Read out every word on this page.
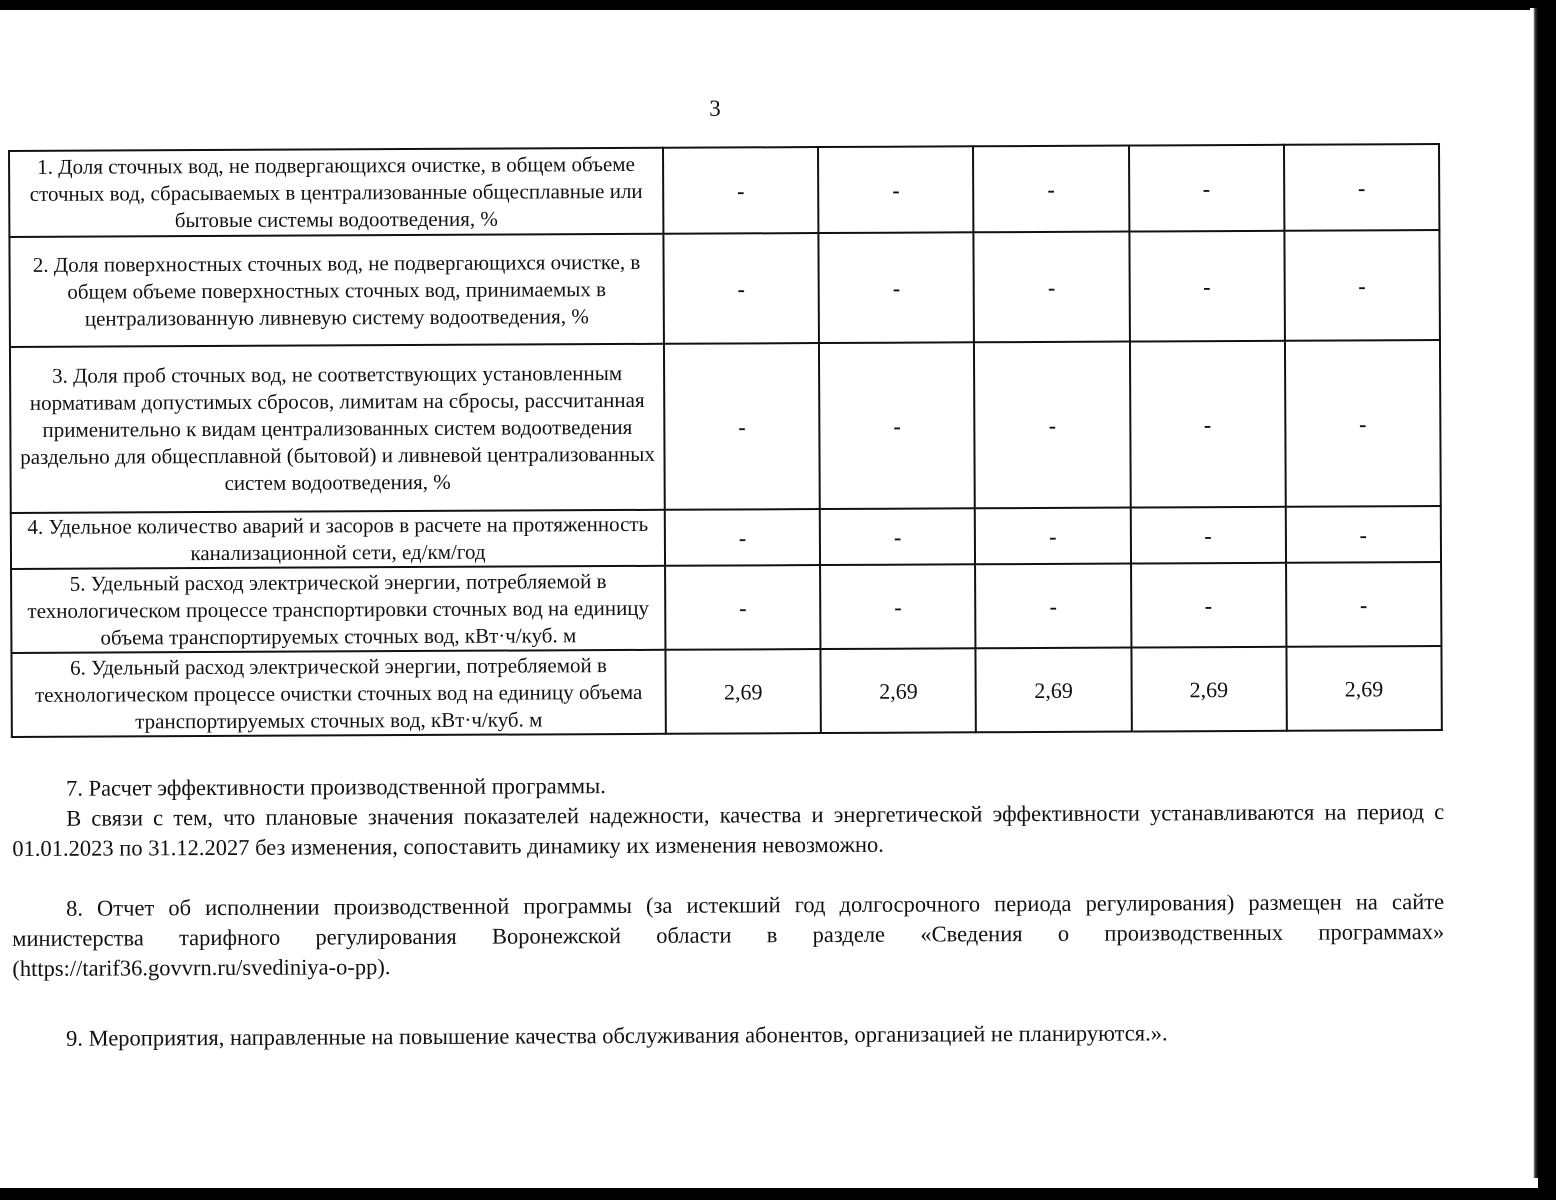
3
1. Доля сточных вод, не подвергающихся очистке, в общем объеме сточных вод, сбрасываемых в централизованные общесплавные или бытовые системы водоотведения, %	-	-	-	-	-
2. Доля поверхностных сточных вод, не подвергающихся очистке, в общем объеме поверхностных сточных вод, принимаемых в централизованную ливневую систему водоотведения, %	-	-	-	-	-
3. Доля проб сточных вод, не соответствующих установленным нормативам допустимых сбросов, лимитам на сбросы, рассчитанная применительно к видам централизованных систем водоотведения раздельно для общесплавной (бытовой) и ливневой централизованных систем водоотведения, %	-	-	-	-	-
4. Удельное количество аварий и засоров в расчете на протяженность канализационной сети, ед/км/год	-	-	-	-	-
5. Удельный расход электрической энергии, потребляемой в технологическом процессе транспортировки сточных вод на единицу объема транспортируемых сточных вод, кВт·ч/куб. м	-	-	-	-	-
6. Удельный расход электрической энергии, потребляемой в технологическом процессе очистки сточных вод на единицу объема транспортируемых сточных вод, кВт·ч/куб. м	2,69	2,69	2,69	2,69	2,69

7. Расчет эффективности производственной программы.

В связи с тем, что плановые значения показателей надежности, качества и энергетической эффективности устанавливаются на период с 01.01.2023 по 31.12.2027 без изменения, сопоставить динамику их изменения невозможно.

8. Отчет об исполнении производственной программы (за истекший год долгосрочного периода регулирования) размещен на сайте министерства тарифного регулирования Воронежской области в разделе «Сведения о производственных программах» (https://tarif36.govvrn.ru/svediniya-o-pp).

9. Мероприятия, направленные на повышение качества обслуживания абонентов, организацией не планируются.».
